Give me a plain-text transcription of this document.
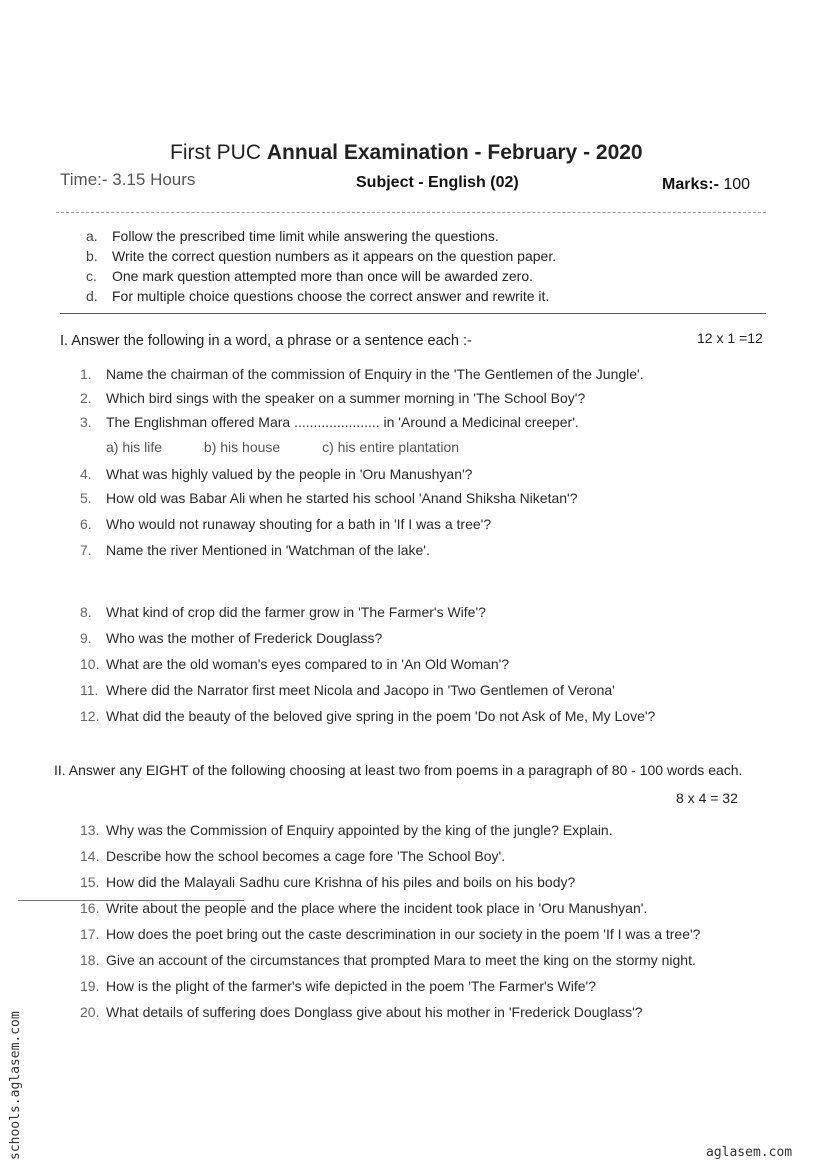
First PUC Annual Examination - February - 2020
Time:- 3.15 Hours	Subject - English (02)	Marks:- 100
a. Follow the prescribed time limit while answering the questions.
b. Write the correct question numbers as it appears on the question paper.
c. One mark question attempted more than once will be awarded zero.
d. For multiple choice questions choose the correct answer and rewrite it.
I. Answer the following in a word, a phrase or a sentence each :-	12 x 1 =12
1. Name the chairman of the commission of Enquiry in the 'The Gentlemen of the Jungle'.
2. Which bird sings with the speaker on a summer morning in 'The School Boy'?
3. The Englishman offered Mara ...................... in 'Around a Medicinal creeper'.
a) his life	b) his house	c) his entire plantation
4. What was highly valued by the people in 'Oru Manushyan'?
5. How old was Babar Ali when he started his school 'Anand Shiksha Niketan'?
6. Who would not runaway shouting for a bath in 'If I was a tree'?
7. Name the river Mentioned in 'Watchman of the lake'.
8. What kind of crop did the farmer grow in 'The Farmer's Wife'?
9. Who was the mother of Frederick Douglass?
10. What are the old woman's eyes compared to in 'An Old Woman'?
11. Where did the Narrator first meet Nicola and Jacopo in 'Two Gentlemen of Verona'
12. What did the beauty of the beloved give spring in the poem 'Do not Ask of Me, My Love'?
II. Answer any EIGHT of the following choosing at least two from poems in a paragraph of 80 - 100 words each.
8 x 4 = 32
13. Why was the Commission of Enquiry appointed by the king of the jungle? Explain.
14. Describe how the school becomes a cage fore 'The School Boy'.
15. How did the Malayali Sadhu cure Krishna of his piles and boils on his body?
16. Write about the people and the place where the incident took place in 'Oru Manushyan'.
17. How does the poet bring out the caste descrimination in our society in the poem 'If I was a tree'?
18. Give an account of the circumstances that prompted Mara to meet the king on the stormy night.
19. How is the plight of the farmer's wife depicted in the poem 'The Farmer's Wife'?
20. What details of suffering does Donglass give about his mother in 'Frederick Douglass'?
schools.aglasem.com	aglasem.com
